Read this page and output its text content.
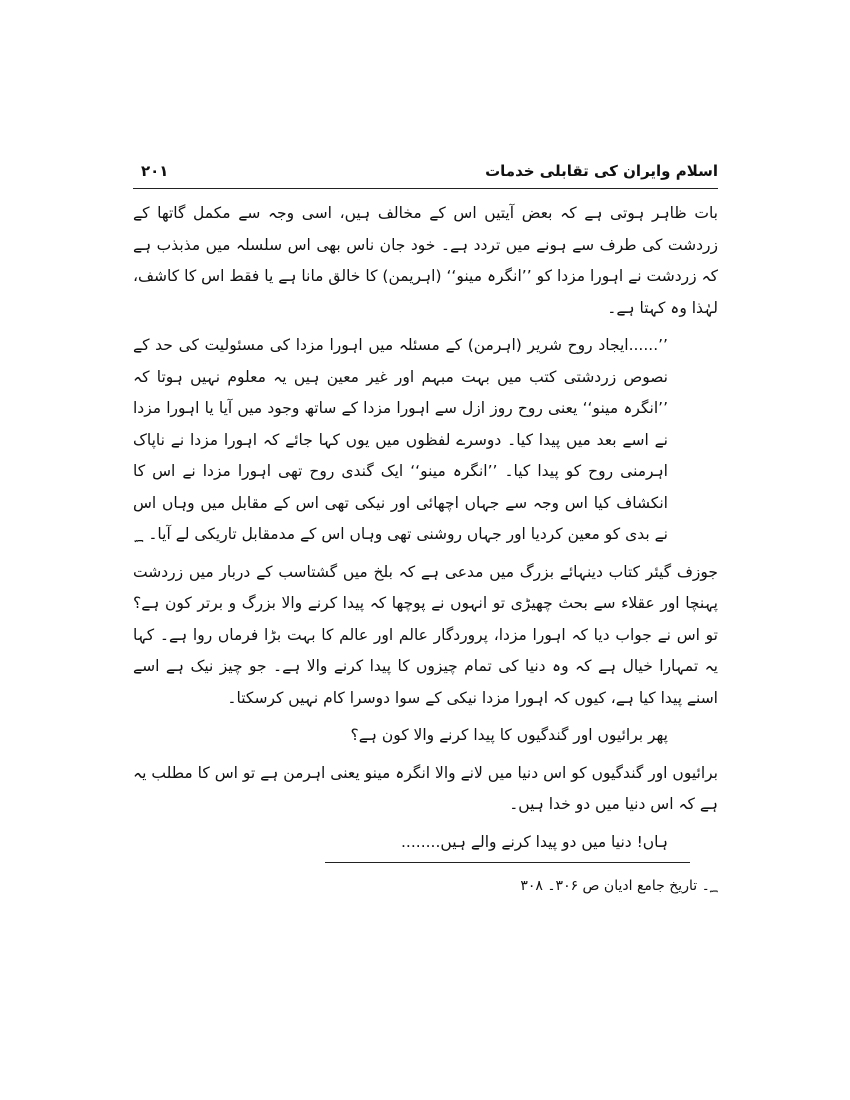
اسلام وایران کی تقابلی خدمات
۲۰۱

بات ظاہر ہوتی ہے کہ بعض آیتیں اس کے مخالف ہیں، اسی وجہ سے مکمل گاتھا کے زردشت کی طرف سے ہونے میں تردد ہے۔ خود جان ناس بھی اس سلسلہ میں مذبذب ہے کہ زردشت نے اہورا مزدا کو ’’انگرہ مینو‘‘ (اہریمن) کا خالق مانا ہے یا فقط اس کا کاشف، لہٰذا وہ کہتا ہے۔

’’......ایجاد روح شریر (اہرمن) کے مسئلہ میں اہورا مزدا کی مسئولیت کی حد کے نصوص زردشتی کتب میں بہت مبہم اور غیر معین ہیں یہ معلوم نہیں ہوتا کہ ’’انگرہ مینو‘‘ یعنی روح روز ازل سے اہورا مزدا کے ساتھ وجود میں آیا یا اہورا مزدا نے اسے بعد میں پیدا کیا۔ دوسرے لفظوں میں یوں کہا جائے کہ اہورا مزدا نے ناپاک اہرمنی روح کو پیدا کیا۔ ’’انگرہ مینو‘‘ ایک گندی روح تھی اہورا مزدا نے اس کا انکشاف کیا اس وجہ سے جہاں اچھائی اور نیکی تھی اس کے مقابل میں وہاں اس نے بدی کو معین کردیا اور جہاں روشنی تھی وہاں اس کے مدمقابل تاریکی لے آیا۔ ؁

جوزف گیئر کتاب دینہائے بزرگ میں مدعی ہے کہ بلخ میں گشتاسب کے دربار میں زردشت پہنچا اور عقلاء سے بحث چھیڑی تو انہوں نے پوچھا کہ پیدا کرنے والا بزرگ و برتر کون ہے؟ تو اس نے جواب دیا کہ اہورا مزدا، پروردگار عالم اور عالم کا بہت بڑا فرماں روا ہے۔ کہا یہ تمہارا خیال ہے کہ وہ دنیا کی تمام چیزوں کا پیدا کرنے والا ہے۔ جو چیز نیک ہے اسے اسنے پیدا کیا ہے، کیوں کہ اہورا مزدا نیکی کے سوا دوسرا کام نہیں کرسکتا۔

پھر برائیوں اور گندگیوں کا پیدا کرنے والا کون ہے؟

برائیوں اور گندگیوں کو اس دنیا میں لانے والا انگرہ مینو یعنی اہرمن ہے تو اس کا مطلب یہ ہے کہ اس دنیا میں دو خدا ہیں۔

ہاں! دنیا میں دو پیدا کرنے والے ہیں........

؁۔ تاریخ جامع ادیان ص ۳۰۶۔ ۳۰۸
